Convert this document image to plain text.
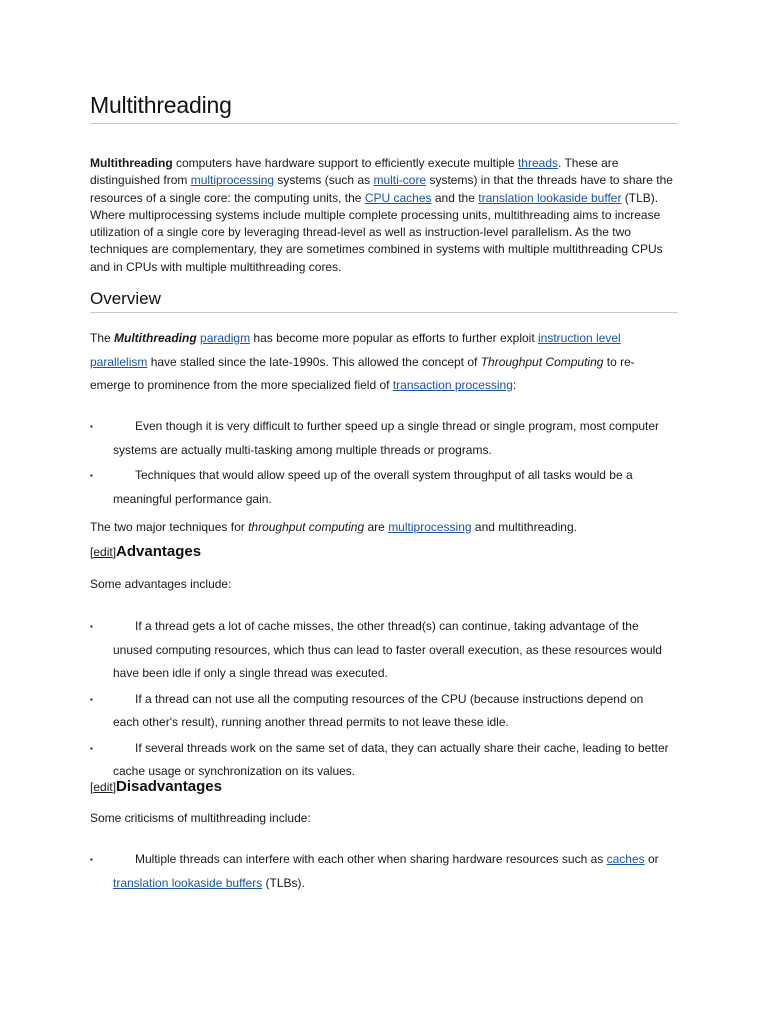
Multithreading
Multithreading computers have hardware support to efficiently execute multiple threads. These are distinguished from multiprocessing systems (such as multi-core systems) in that the threads have to share the resources of a single core: the computing units, the CPU caches and the translation lookaside buffer (TLB). Where multiprocessing systems include multiple complete processing units, multithreading aims to increase utilization of a single core by leveraging thread-level as well as instruction-level parallelism. As the two techniques are complementary, they are sometimes combined in systems with multiple multithreading CPUs and in CPUs with multiple multithreading cores.
Overview
The Multithreading paradigm has become more popular as efforts to further exploit instruction level parallelism have stalled since the late-1990s. This allowed the concept of Throughput Computing to re-emerge to prominence from the more specialized field of transaction processing:
▪	Even though it is very difficult to further speed up a single thread or single program, most computer systems are actually multi-tasking among multiple threads or programs.
▪	Techniques that would allow speed up of the overall system throughput of all tasks would be a meaningful performance gain.
The two major techniques for throughput computing are multiprocessing and multithreading.
[edit]Advantages
Some advantages include:
▪	If a thread gets a lot of cache misses, the other thread(s) can continue, taking advantage of the unused computing resources, which thus can lead to faster overall execution, as these resources would have been idle if only a single thread was executed.
▪	If a thread can not use all the computing resources of the CPU (because instructions depend on each other's result), running another thread permits to not leave these idle.
▪	If several threads work on the same set of data, they can actually share their cache, leading to better cache usage or synchronization on its values.
[edit]Disadvantages
Some criticisms of multithreading include:
▪	Multiple threads can interfere with each other when sharing hardware resources such as caches or translation lookaside buffers (TLBs).
